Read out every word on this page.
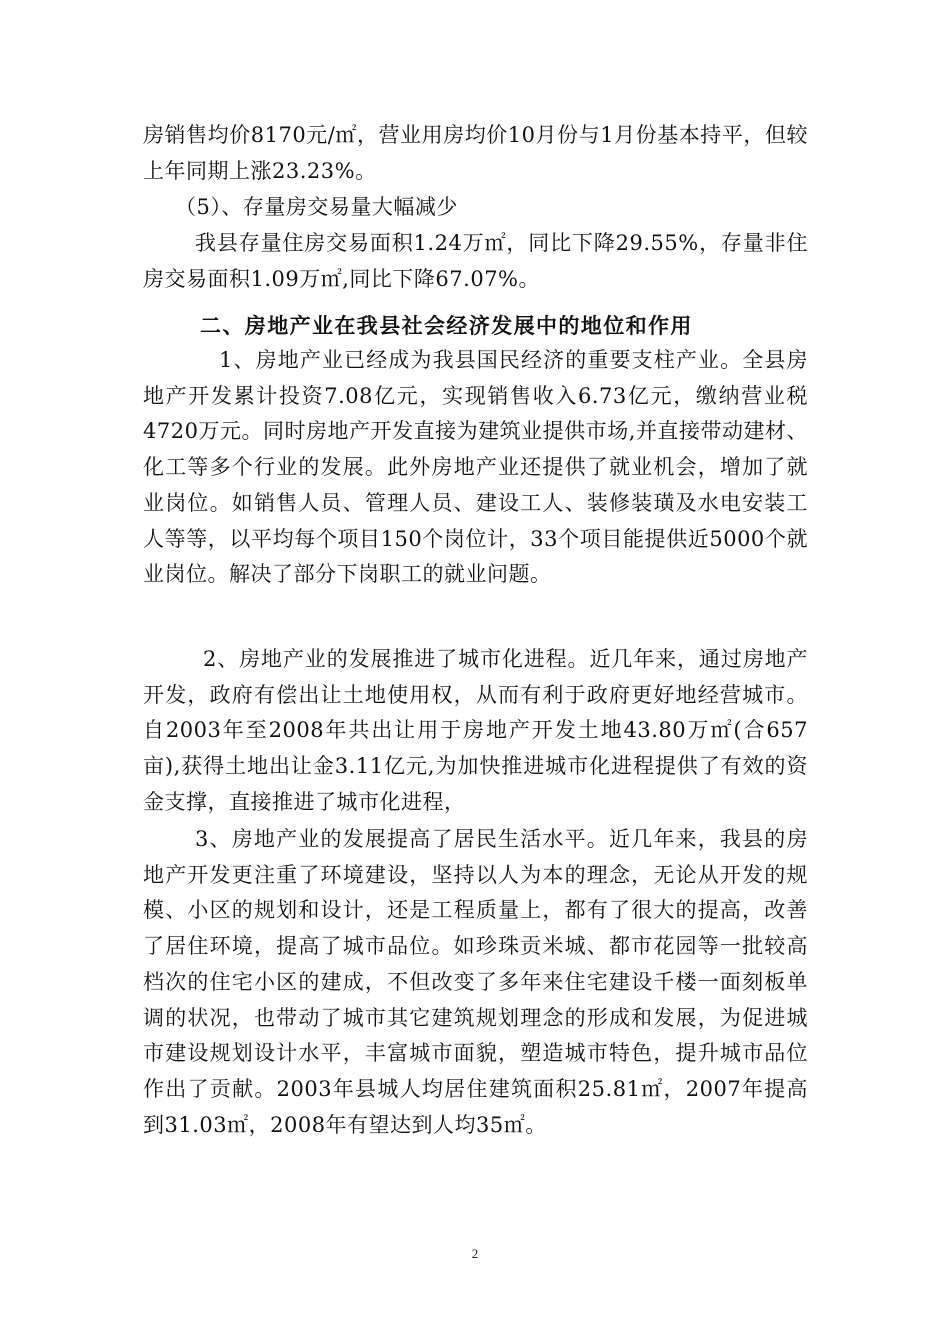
房销售均价8170元/㎡，营业用房均价10月份与1月份基本持平，但较上年同期上涨23.23%。

（5）、存量房交易量大幅减少

我县存量住房交易面积1.24万㎡，同比下降29.55%，存量非住房交易面积1.09万㎡,同比下降67.07%。

二、房地产业在我县社会经济发展中的地位和作用

1、房地产业已经成为我县国民经济的重要支柱产业。全县房地产开发累计投资7.08亿元，实现销售收入6.73亿元，缴纳营业税4720万元。同时房地产开发直接为建筑业提供市场,并直接带动建材、化工等多个行业的发展。此外房地产业还提供了就业机会，增加了就业岗位。如销售人员、管理人员、建设工人、装修装璜及水电安装工人等等，以平均每个项目150个岗位计，33个项目能提供近5000个就业岗位。解决了部分下岗职工的就业问题。

2、房地产业的发展推进了城市化进程。近几年来，通过房地产开发，政府有偿出让土地使用权，从而有利于政府更好地经营城市。自2003年至2008年共出让用于房地产开发土地43.80万㎡(合657亩),获得土地出让金3.11亿元,为加快推进城市化进程提供了有效的资金支撑，直接推进了城市化进程，

3、房地产业的发展提高了居民生活水平。近几年来，我县的房地产开发更注重了环境建设，坚持以人为本的理念，无论从开发的规模、小区的规划和设计，还是工程质量上，都有了很大的提高，改善了居住环境，提高了城市品位。如珍珠贡米城、都市花园等一批较高档次的住宅小区的建成，不但改变了多年来住宅建设千楼一面刻板单调的状况，也带动了城市其它建筑规划理念的形成和发展，为促进城市建设规划设计水平，丰富城市面貌，塑造城市特色，提升城市品位作出了贡献。2003年县城人均居住建筑面积25.81㎡，2007年提高到31.03㎡，2008年有望达到人均35㎡。

2
